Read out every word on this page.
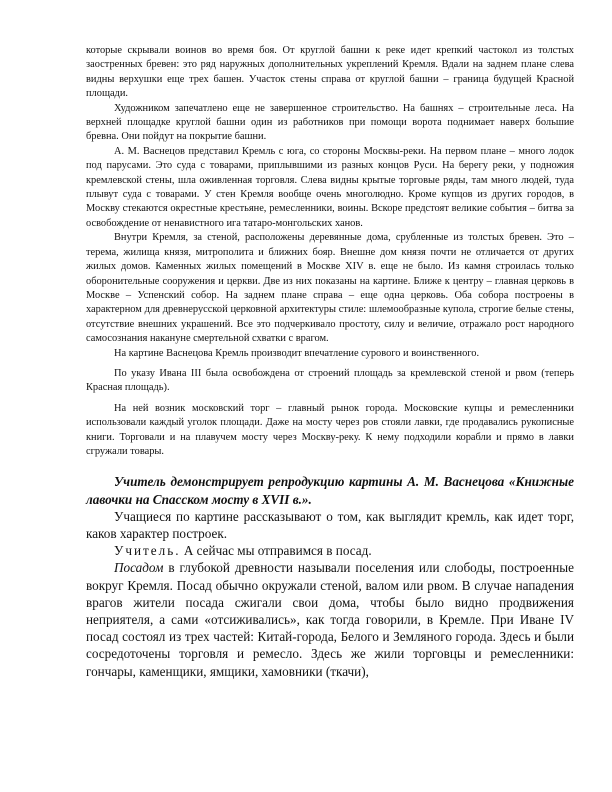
которые скрывали воинов во время боя. От круглой башни к реке идет крепкий частокол из толстых заостренных бревен: это ряд наружных дополнительных укреплений Кремля. Вдали на заднем плане слева видны верхушки еще трех башен. Участок стены справа от круглой башни – граница будущей Красной площади.

Художником запечатлено еще не завершенное строительство. На башнях – строительные леса. На верхней площадке круглой башни один из работников при помощи ворота поднимает наверх большие бревна. Они пойдут на покрытие башни.

А. М. Васнецов представил Кремль с юга, со стороны Москвы-реки. На первом плане – много лодок под парусами. Это суда с товарами, приплывшими из разных концов Руси. На берегу реки, у подножия кремлевской стены, шла оживленная торговля. Слева видны крытые торговые ряды, там много людей, туда плывут суда с товарами. У стен Кремля вообще очень многолюдно. Кроме купцов из других городов, в Москву стекаются окрестные крестьяне, ремесленники, воины. Вскоре предстоят великие события – битва за освобождение от ненавистного ига татаро-монгольских ханов.

Внутри Кремля, за стеной, расположены деревянные дома, срубленные из толстых бревен. Это – терема, жилища князя, митрополита и ближних бояр. Внешне дом князя почти не отличается от других жилых домов. Каменных жилых помещений в Москве XIV в. еще не было. Из камня строилась только оборонительные сооружения и церкви. Две из них показаны на картине. Ближе к центру – главная церковь в Москве – Успенский собор. На заднем плане справа – еще одна церковь. Оба собора построены в характерном для древнерусской церковной архитектуры стиле: шлемообразные купола, строгие белые стены, отсутствие внешних украшений. Все это подчеркивало простоту, силу и величие, отражало рост народного самосознания накануне смертельной схватки с врагом.

На картине Васнецова Кремль производит впечатление сурового и воинственного.

По указу Ивана III была освобождена от строений площадь за кремлевской стеной и рвом (теперь Красная площадь).

На ней возник московский торг – главный рынок города. Московские купцы и ремесленники использовали каждый уголок площади. Даже на мосту через ров стояли лавки, где продавались рукописные книги. Торговали и на плавучем мосту через Москву-реку. К нему подходили корабли и прямо в лавки сгружали товары.

Учитель демонстрирует репродукцию картины А. М. Васнецова «Книжные лавочки на Спасском мосту в XVII в.».

Учащиеся по картине рассказывают о том, как выглядит кремль, как идет торг, каков характер построек.

Учитель. А сейчас мы отправимся в посад.

Посадом в глубокой древности называли поселения или слободы, построенные вокруг Кремля. Посад обычно окружали стеной, валом или рвом. В случае нападения врагов жители посада сжигали свои дома, чтобы было видно продвижения неприятеля, а сами «отсиживались», как тогда говорили, в Кремле. При Иване IV посад состоял из трех частей: Китай-города, Белого и Земляного города. Здесь и были сосредоточены торговля и ремесло. Здесь же жили торговцы и ремесленники: гончары, каменщики, ямщики, хамовники (ткачи),
